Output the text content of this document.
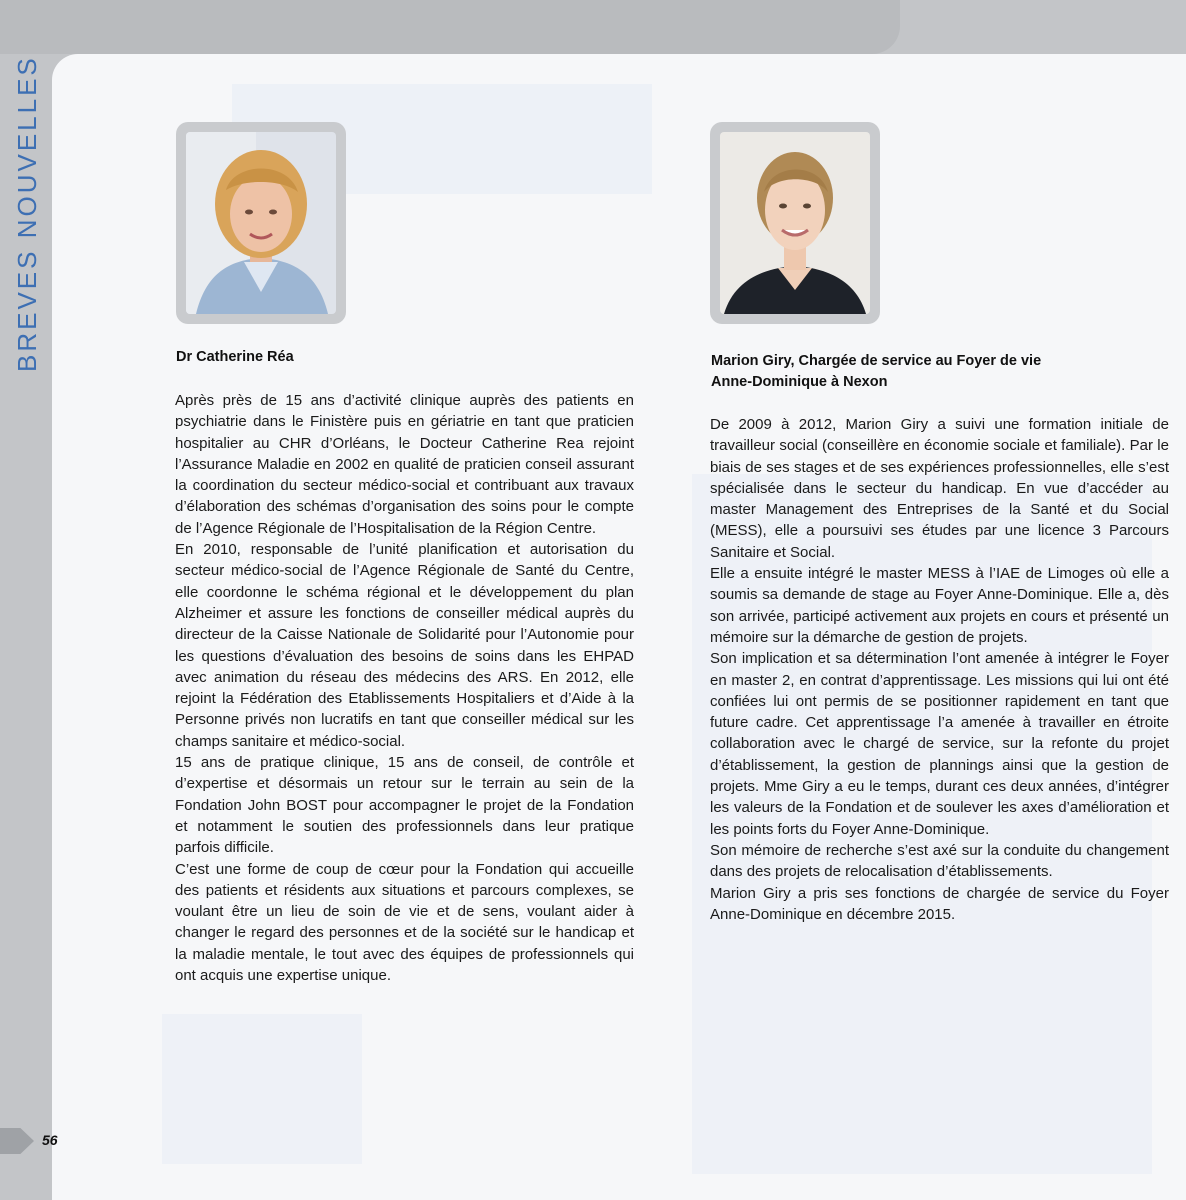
BREVES NOUVELLES	Dr Catherine Réa

Après près de 15 ans d’activité clinique auprès des patients en psychiatrie dans le Finistère puis en gériatrie en tant que praticien hospitalier au CHR d’Orléans, le Docteur Catherine Rea rejoint l’Assurance Maladie en 2002 en qualité de praticien conseil assurant la coordination du secteur médico-social et contribuant aux travaux d’élaboration des schémas d’organisation des soins pour le compte de l’Agence Régionale de l’Hospitalisation de la Région Centre.

En 2010, responsable de l’unité planification et autorisation du secteur médico-social de l’Agence Régionale de Santé du Centre, elle coordonne le schéma régional et le développement du plan Alzheimer et assure les fonctions de conseiller médical auprès du directeur de la Caisse Nationale de Solidarité pour l’Autonomie pour les questions d’évaluation des besoins de soins dans les EHPAD avec animation du réseau des médecins des ARS. En 2012, elle rejoint la Fédération des Etablissements Hospitaliers et d’Aide à la Personne privés non lucratifs en tant que conseiller médical sur les champs sanitaire et médico-social.

15 ans de pratique clinique, 15 ans de conseil, de contrôle et d’expertise et désormais un retour sur le terrain au sein de la Fondation John BOST pour accompagner le projet de la Fondation et notamment le soutien des professionnels dans leur pratique parfois difficile.

C’est une forme de coup de cœur pour la Fondation qui accueille des patients et résidents aux situations et parcours complexes, se voulant être un lieu de soin de vie et de sens, voulant aider à changer le regard des personnes et de la société sur le handicap et la maladie mentale, le tout avec des équipes de professionnels qui ont acquis une expertise unique.

Marion Giry, Chargée de service au Foyer de vie
Anne-Dominique à Nexon

De 2009 à 2012, Marion Giry a suivi une formation initiale de travailleur social (conseillère en économie sociale et familiale). Par le biais de ses stages et de ses expériences professionnelles, elle s’est spécialisée dans le secteur du handicap. En vue d’accéder au master Management des Entreprises de la Santé et du Social (MESS), elle a poursuivi ses études par une licence 3 Parcours Sanitaire et Social.

Elle a ensuite intégré le master MESS à l’IAE de Limoges où elle a soumis sa demande de stage au Foyer Anne-Dominique. Elle a, dès son arrivée, participé activement aux projets en cours et présenté un mémoire sur la démarche de gestion de projets.

Son implication et sa détermination l’ont amenée à intégrer le Foyer en master 2, en contrat d’apprentissage. Les missions qui lui ont été confiées lui ont permis de se positionner rapidement en tant que future cadre. Cet apprentissage l’a amenée à travailler en étroite collaboration avec le chargé de service, sur la refonte du projet d’établissement, la gestion de plannings ainsi que la gestion de projets. Mme Giry a eu le temps, durant ces deux années, d’intégrer les valeurs de la Fondation et de soulever les axes d’amélioration et les points forts du Foyer Anne-Dominique.

Son mémoire de recherche s’est axé sur la conduite du changement dans des projets de relocalisation d’établissements.

Marion Giry a pris ses fonctions de chargée de service du Foyer Anne-Dominique en décembre 2015.

56
